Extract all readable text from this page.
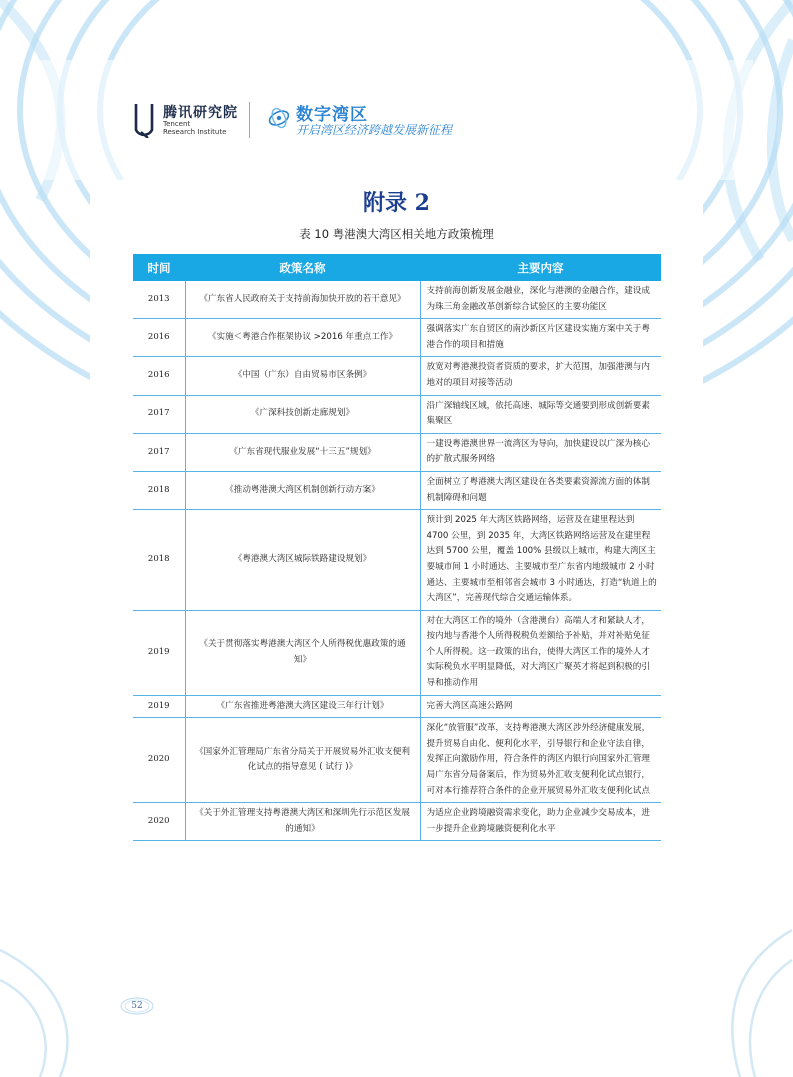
腾讯研究院
Tencent
Research Institute
数字湾区
开启湾区经济跨越发展新征程
附录 2
表 10 粤港澳大湾区相关地方政策梳理
时间	政策名称	主要内容
2013	《广东省人民政府关于支持前海加快开放的若干意见》	支持前海创新发展金融业，深化与港澳的金融合作，建设成为珠三角金融改革创新综合试验区的主要功能区
2016	《实施＜粤港合作框架协议 >2016 年重点工作》	强调落实广东自贸区的南沙新区片区建设实施方案中关于粤港合作的项目和措施
2016	《中国（广东）自由贸易市区条例》	放宽对粤港澳投资者资质的要求，扩大范围，加强港澳与内地对的项目对接等活动
2017	《广深科技创新走廊规划》	沿广深轴线区域，依托高速、城际等交通要到形成创新要素集聚区
2017	《广东省现代服业发展“十三五”规划》	一建设粤港澳世界一流湾区为导向，加快建设以广深为核心的扩散式服务网络
2018	《推动粤港澳大湾区机制创新行动方案》	全面树立了粤港澳大湾区建设在各类要素资源流方面的体制机制障碍和问题
2018	《粤港澳大湾区城际铁路建设规划》	预计到 2025 年大湾区铁路网络，运营及在建里程达到 4700 公里，到 2035 年，大湾区铁路网络运营及在建里程达到 5700 公里，覆盖 100% 县级以上城市，构建大湾区主要城市间 1 小时通达、主要城市至广东省内地级城市 2 小时通达、主要城市至相邻省会城市 3 小时通达，打造“轨道上的大湾区”，完善现代综合交通运输体系。
2019	《关于贯彻落实粤港澳大湾区个人所得税优惠政策的通知》	对在大湾区工作的境外（含港澳台）高端人才和紧缺人才，按内地与香港个人所得税税负差额给予补贴，并对补贴免征个人所得税。这一政策的出台，使得大湾区工作的境外人才实际税负水平明显降低，对大湾区广聚英才将起到积极的引导和推动作用
2019	《广东省推进粤港澳大湾区建设三年行计划》	完善大湾区高速公路网
2020	《国家外汇管理局广东省分局关于开展贸易外汇收支便利化试点的指导意见 ( 试行 )》	深化“放管服”改革，支持粤港澳大湾区涉外经济健康发展，提升贸易自由化、便利化水平，引导银行和企业守法自律，发挥正向激励作用，符合条件的湾区内银行向国家外汇管理局广东省分局备案后，作为贸易外汇收支便利化试点银行，可对本行推荐符合条件的企业开展贸易外汇收支便利化试点
2020	《关于外汇管理支持粤港澳大湾区和深圳先行示范区发展的通知》	为适应企业跨境融资需求变化，助力企业减少交易成本，进一步提升企业跨境融资便利化水平
52
